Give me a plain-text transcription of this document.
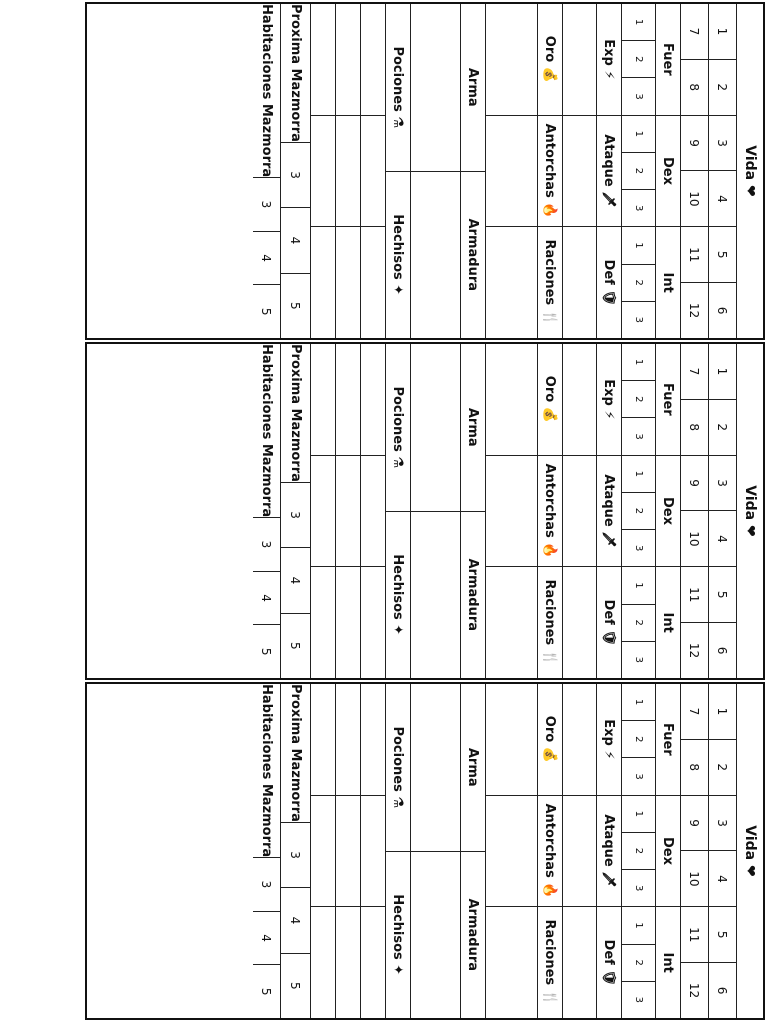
Vida ❤
1
2
3
4
5
6
7
8
9
10
11
12
Fuer
Dex
Int
1
2
3
1
2
3
1
2
3
Exp ⚡
Ataque 🗡
Def 🛡
Oro 💰
Antorchas 🔥
Raciones 🍴
Arma
Armadura
Pociones ⚗
Hechisos ✦
Proxima Mazmorra
3
4
5
Habitaciones Mazmorra
3
4
5
Vida ❤
1
2
3
4
5
6
7
8
9
10
11
12
Fuer
Dex
Int
1
2
3
1
2
3
1
2
3
Exp ⚡
Ataque 🗡
Def 🛡
Oro 💰
Antorchas 🔥
Raciones 🍴
Arma
Armadura
Pociones ⚗
Hechisos ✦
Proxima Mazmorra
3
4
5
Habitaciones Mazmorra
3
4
5
Vida ❤
1
2
3
4
5
6
7
8
9
10
11
12
Fuer
Dex
Int
1
2
3
1
2
3
1
2
3
Exp ⚡
Ataque 🗡
Def 🛡
Oro 💰
Antorchas 🔥
Raciones 🍴
Arma
Armadura
Pociones ⚗
Hechisos ✦
Proxima Mazmorra
3
4
5
Habitaciones Mazmorra
3
4
5
